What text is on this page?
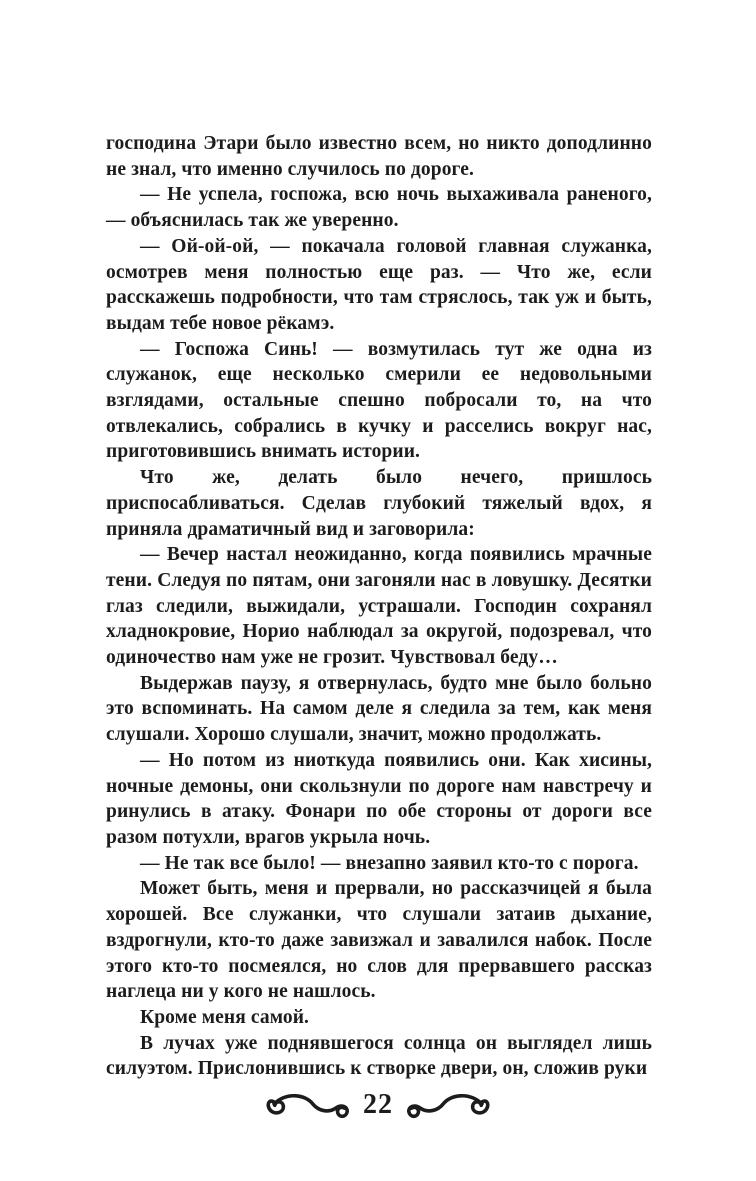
господина Этари было известно всем, но никто доподлинно не знал, что именно случилось по дороге.

— Не успела, госпожа, всю ночь выхаживала раненого, — объяснилась так же уверенно.

— Ой-ой-ой, — покачала головой главная служанка, осмотрев меня полностью еще раз. — Что же, если расскажешь подробности, что там стряслось, так уж и быть, выдам тебе новое рёкамэ.

— Госпожа Синь! — возмутилась тут же одна из служанок, еще несколько смерили ее недовольными взглядами, остальные спешно побросали то, на что отвлекались, собрались в кучку и расселись вокруг нас, приготовившись внимать истории.

Что же, делать было нечего, пришлось приспосабливаться. Сделав глубокий тяжелый вдох, я приняла драматичный вид и заговорила:

— Вечер настал неожиданно, когда появились мрачные тени. Следуя по пятам, они загоняли нас в ловушку. Десятки глаз следили, выжидали, устрашали. Господин сохранял хладнокровие, Норио наблюдал за округой, подозревал, что одиночество нам уже не грозит. Чувствовал беду…

Выдержав паузу, я отвернулась, будто мне было больно это вспоминать. На самом деле я следила за тем, как меня слушали. Хорошо слушали, значит, можно продолжать.

— Но потом из ниоткуда появились они. Как хисины, ночные демоны, они скользнули по дороге нам навстречу и ринулись в атаку. Фонари по обе стороны от дороги все разом потухли, врагов укрыла ночь.

— Не так все было! — внезапно заявил кто-то с порога.

Может быть, меня и прервали, но рассказчицей я была хорошей. Все служанки, что слушали затаив дыхание, вздрогнули, кто-то даже завизжал и завалился набок. После этого кто-то посмеялся, но слов для прервавшего рассказ наглеца ни у кого не нашлось.

Кроме меня самой.

В лучах уже поднявшегося солнца он выглядел лишь силуэтом. Прислонившись к створке двери, он, сложив руки

22
